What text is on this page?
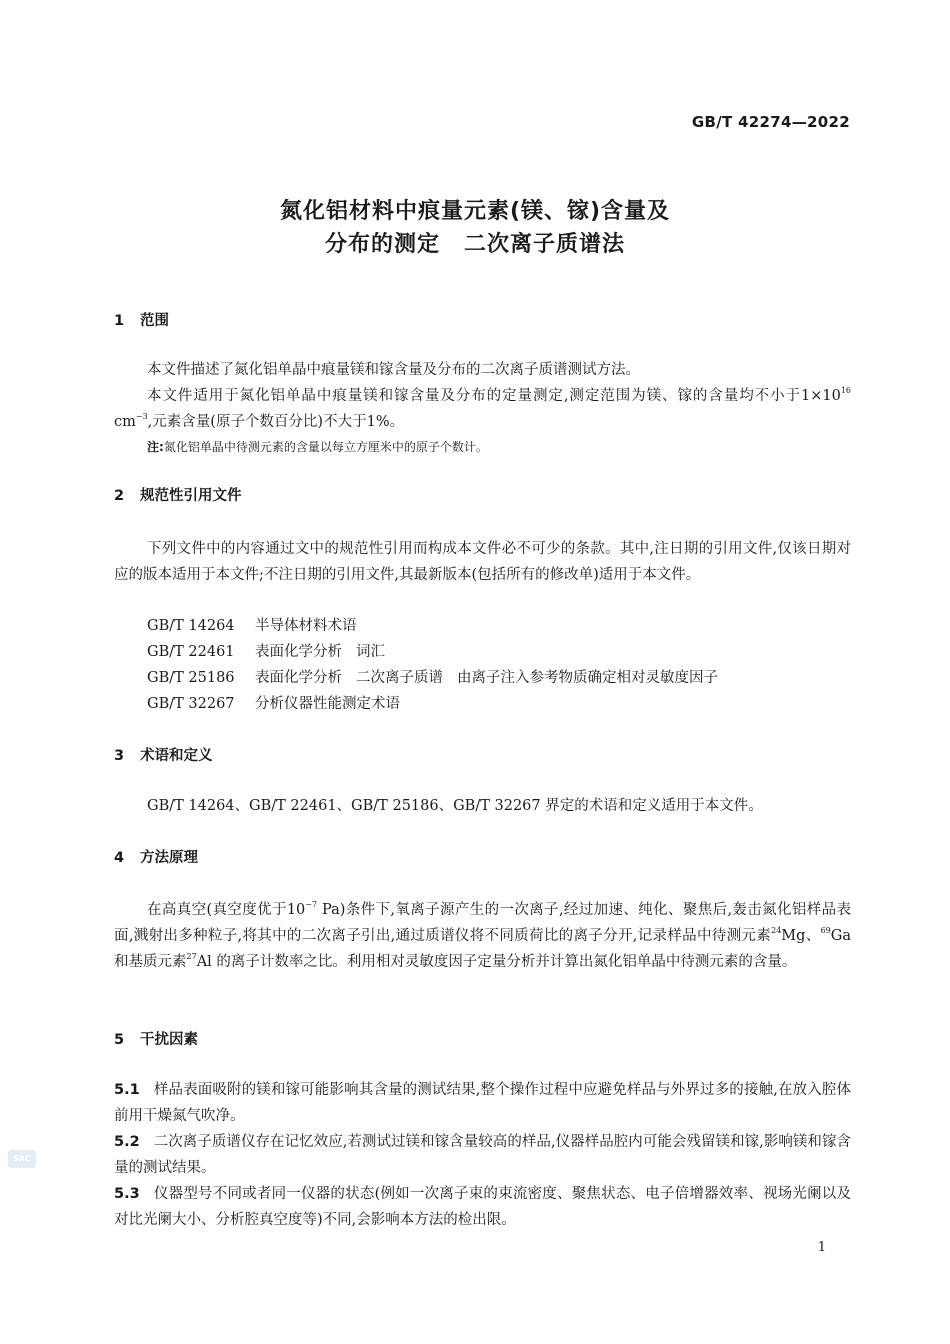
GB/T 42274—2022
氮化铝材料中痕量元素(镁、镓)含量及
分布的测定 二次离子质谱法
1 范围
本文件描述了氮化铝单晶中痕量镁和镓含量及分布的二次离子质谱测试方法。
本文件适用于氮化铝单晶中痕量镁和镓含量及分布的定量测定,测定范围为镁、镓的含量均不小于$1\times 10^{16}$ $cm^{-3}$,元素含量(原子个数百分比)不大于1%。
注:氮化铝单晶中待测元素的含量以每立方厘米中的原子个数计。
2 规范性引用文件
下列文件中的内容通过文中的规范性引用而构成本文件必不可少的条款。其中,注日期的引用文件,仅该日期对应的版本适用于本文件;不注日期的引用文件,其最新版本(包括所有的修改单)适用于本文件。
GB/T 14264 半导体材料术语
GB/T 22461 表面化学分析 词汇
GB/T 25186 表面化学分析 二次离子质谱 由离子注入参考物质确定相对灵敏度因子
GB/T 32267 分析仪器性能测定术语
3 术语和定义
GB/T 14264、GB/T 22461、GB/T 25186、GB/T 32267 界定的术语和定义适用于本文件。
4 方法原理
在高真空(真空度优于$10^{-7}$ Pa)条件下,氧离子源产生的一次离子,经过加速、纯化、聚焦后,轰击氮化铝样品表面,溅射出多种粒子,将其中的二次离子引出,通过质谱仪将不同质荷比的离子分开,记录样品中待测元素$^{24}$Mg、$^{69}$Ga 和基质元素$^{27}$Al 的离子计数率之比。利用相对灵敏度因子定量分析并计算出氮化铝单晶中待测元素的含量。
5 干扰因素
5.1 样品表面吸附的镁和镓可能影响其含量的测试结果,整个操作过程中应避免样品与外界过多的接触,在放入腔体前用干燥氮气吹净。
5.2 二次离子质谱仪存在记忆效应,若测试过镁和镓含量较高的样品,仪器样品腔内可能会残留镁和镓,影响镁和镓含量的测试结果。
5.3 仪器型号不同或者同一仪器的状态(例如一次离子束的束流密度、聚焦状态、电子倍增器效率、视场光阑以及对比光阑大小、分析腔真空度等)不同,会影响本方法的检出限。
SAC
1
